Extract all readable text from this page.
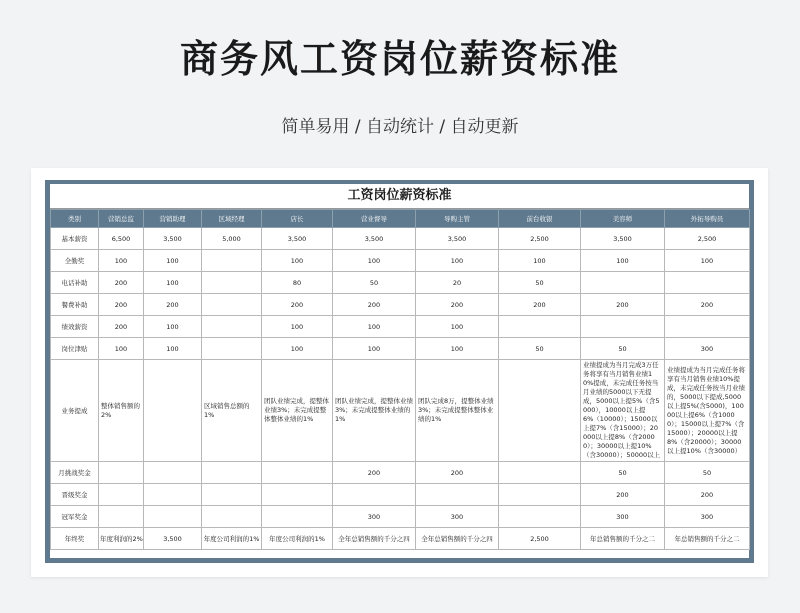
商务风工资岗位薪资标准
简单易用 / 自动统计 / 自动更新
工资岗位薪资标准
类别	营销总监	营销助理	区域经理	店长	营业督导	导购主管	前台收银	美容师	外拓导购员
基本薪资	6,500	3,500	5,000	3,500	3,500	3,500	2,500	3,500	2,500
全勤奖	100	100		100	100	100	100	100	100
电话补助	200	100		80	50	20	50		
餐费补助	200	200		200	200	200	200	200	200
绩效薪资	200	100		100	100	100			
岗位津贴	100	100		100	100	100	50	50	300
业务提成	整体销售额的2%		区域销售总额的1%	团队业绩完成，提整体业绩3%；未完成提整体整体业绩的1%	团队业绩完成，提整体业绩3%；未完成提整体业绩的1%	团队完成8万，提整体业绩3%；未完成提整体整体业绩的1%		业绩提成为当月完成3万任务将享有当月销售业绩10%提成，未完成任务按当月业绩的5000以下无提成，5000以上提5%（含5000），10000以上提6%（10000）；15000以上提7%（含15000）；20000以上提8%（含20000）；30000以上提10%（含30000）；50000以上	业绩提成为当月完成任务将享有当月销售业绩10%提成，未完成任务按当月业绩的，5000以下提成,5000以上提5%(含5000)，10000以上提6%（含10000）；15000以上提7%（含15000）；20000以上提8%（含20000）；30000以上提10%（含30000）
月挑战奖金					200	200		50	50
晋级奖金								200	200
冠军奖金					300	300		300	300
年终奖	年度利润的2%	3,500	年度公司利润的1%	年度公司利润的1%	全年总销售额的千分之四	全年总销售额的千分之四	2,500	年总销售额的千分之二	年总销售额的千分之二
